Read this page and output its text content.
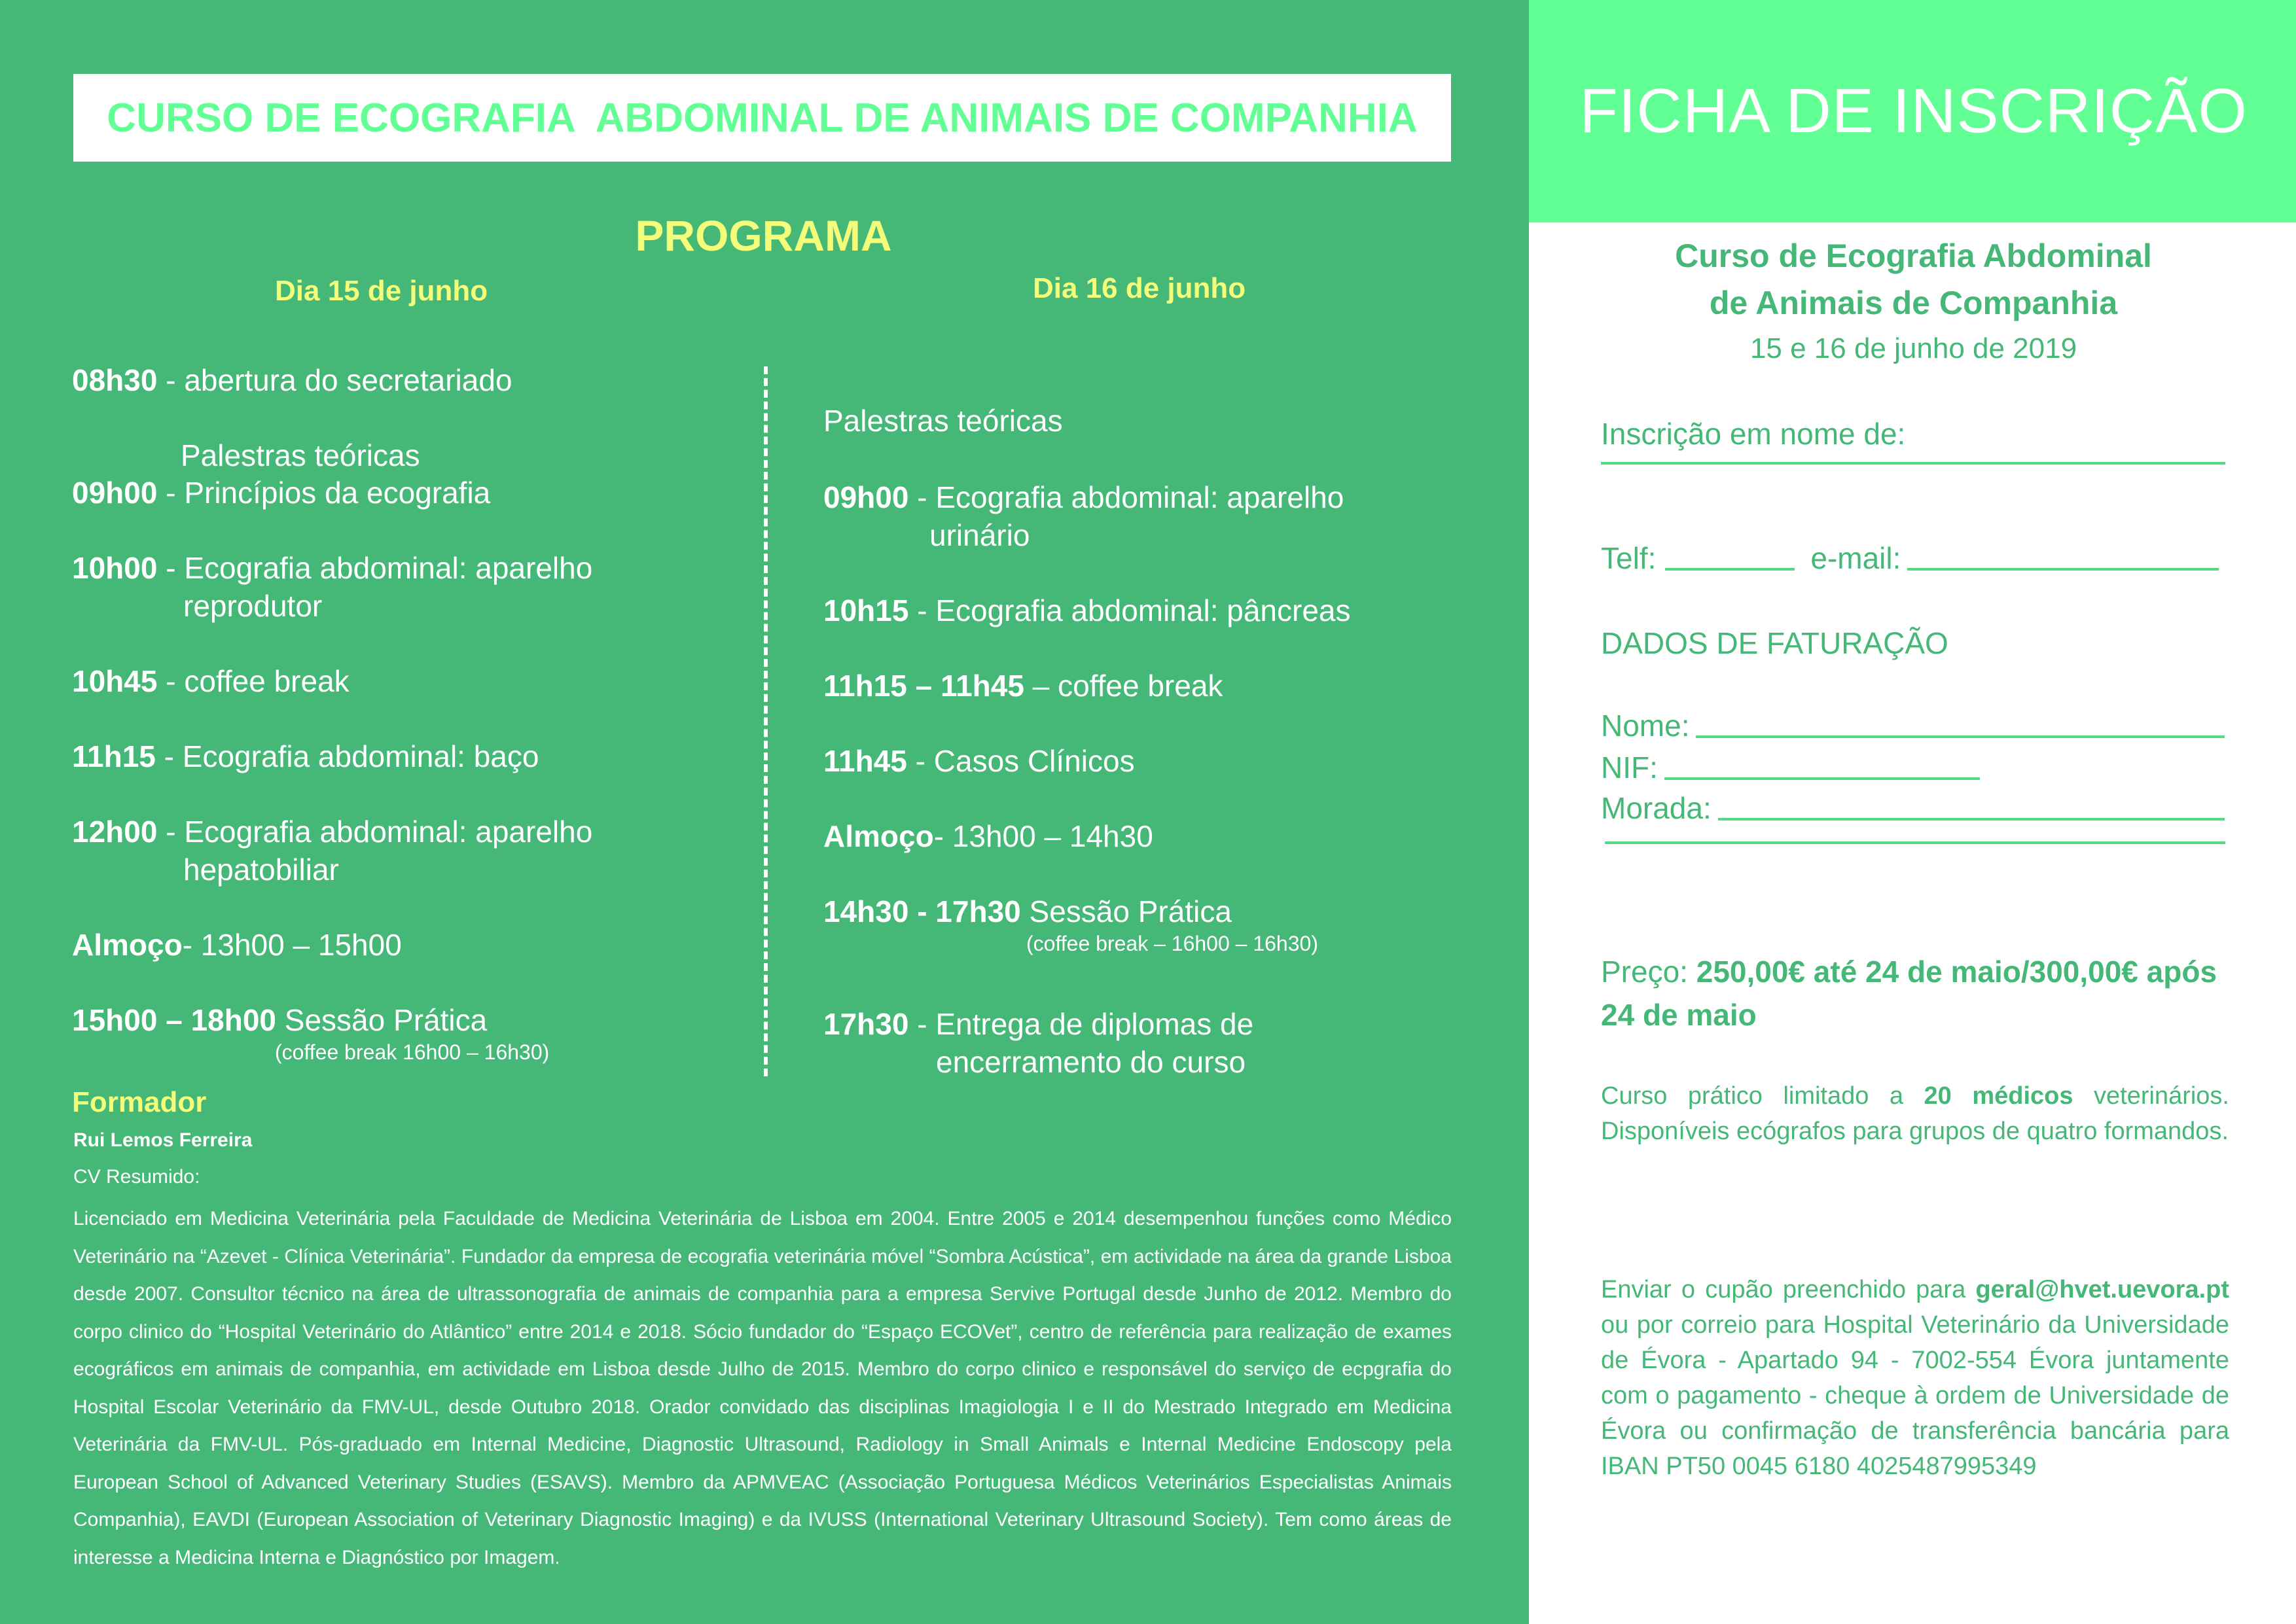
CURSO DE ECOGRAFIA  ABDOMINAL DE ANIMAIS DE COMPANHIA
PROGRAMA
Dia 15 de junho	Dia 16 de junho
08h30 - abertura do secretariado
Palestras teóricas
09h00 - Princípios da ecografia
10h00 - Ecografia abdominal: aparelho
reprodutor
10h45 - coffee break
11h15 - Ecografia abdominal: baço
12h00 - Ecografia abdominal: aparelho
hepatobiliar
Almoço- 13h00 – 15h00
15h00 – 18h00 Sessão Prática
(coffee break 16h00 – 16h30)
Palestras teóricas
09h00 - Ecografia abdominal: aparelho
urinário
10h15 - Ecografia abdominal: pâncreas
11h15 – 11h45 – coffee break
11h45 - Casos Clínicos
Almoço- 13h00 – 14h30
14h30 - 17h30 Sessão Prática
(coffee break – 16h00 – 16h30)
17h30 - Entrega de diplomas de
encerramento do curso
Formador
Rui Lemos Ferreira
CV Resumido:
Licenciado em Medicina Veterinária pela Faculdade de Medicina Veterinária de Lisboa em 2004. Entre 2005 e 2014 desempenhou funções como Médico Veterinário na “Azevet - Clínica Veterinária”. Fundador da empresa de ecografia veterinária móvel “Sombra Acústica”, em actividade na área da grande Lisboa desde 2007. Consultor técnico na área de ultrassonografia de animais de companhia para a empresa Servive Portugal desde Junho de 2012. Membro do corpo clinico do “Hospital Veterinário do Atlântico” entre 2014 e 2018. Sócio fundador do “Espaço ECOVet”, centro de referência para realização de exames ecográficos em animais de companhia, em actividade em Lisboa desde Julho de 2015. Membro do corpo clinico e responsável do serviço de ecpgrafia do Hospital Escolar Veterinário da FMV-UL, desde Outubro 2018. Orador convidado das disciplinas Imagiologia I e II do Mestrado Integrado em Medicina Veterinária da FMV-UL. Pós-graduado em Internal Medicine, Diagnostic Ultrasound, Radiology in Small Animals e Internal Medicine Endoscopy pela European School of Advanced Veterinary Studies (ESAVS). Membro da APMVEAC (Associação Portuguesa Médicos Veterinários Especialistas Animais Companhia), EAVDI (European Association of Veterinary Diagnostic Imaging) e da IVUSS (International Veterinary Ultrasound Society). Tem como áreas de interesse a Medicina Interna e Diagnóstico por Imagem.
FICHA DE INSCRIÇÃO
Curso de Ecografia Abdominal
de Animais de Companhia
15 e 16 de junho de 2019
Inscrição em nome de:
Telf:	e-mail:
DADOS DE FATURAÇÃO
Nome:
NIF:
Morada:
Preço: 250,00€ até 24 de maio/300,00€ após 24 de maio
Curso prático limitado a 20 médicos veterinários. Disponíveis ecógrafos para grupos de quatro formandos.
Enviar o cupão preenchido para geral@hvet.uevora.pt ou por correio para Hospital Veterinário da Universidade de Évora - Apartado 94 - 7002-554 Évora juntamente com o pagamento - cheque à ordem de Universidade de Évora ou confirmação de transferência bancária para IBAN PT50 0045 6180 4025487995349
